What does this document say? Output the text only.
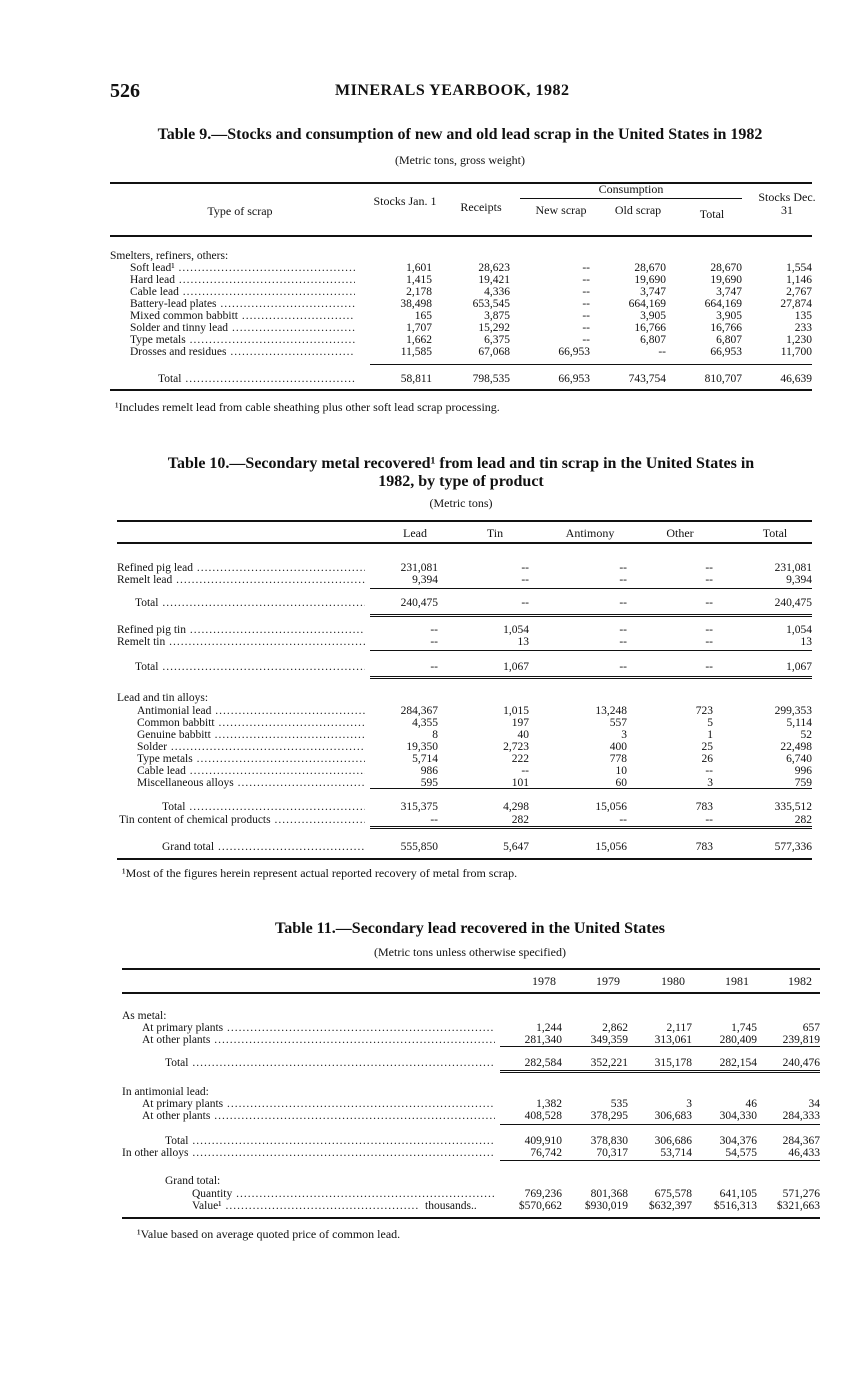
526	MINERALS YEARBOOK, 1982
Table 9.—Stocks and consumption of new and old lead scrap in the United States in 1982
(Metric tons, gross weight)
Type of scrap
Stocks Jan. 1	Receipts
Consumption
New scrap	Old scrap	Total
Stocks Dec. 31
Smelters, refiners, others:
Soft lead¹ .....	1,601	28,623	--	28,670	28,670	1,554
Hard lead .....	1,415	19,421	--	19,690	19,690	1,146
Cable lead .....	2,178	4,336	--	3,747	3,747	2,767
Battery-lead plates .....	38,498	653,545	--	664,169	664,169	27,874
Mixed common babbitt .....	165	3,875	--	3,905	3,905	135
Solder and tinny lead .....	1,707	15,292	--	16,766	16,766	233
Type metals .....	1,662	6,375	--	6,807	6,807	1,230
Drosses and residues .....	11,585	67,068	66,953	--	66,953	11,700
Total .....	58,811	798,535	66,953	743,754	810,707	46,639
¹Includes remelt lead from cable sheathing plus other soft lead scrap processing.
Table 10.—Secondary metal recovered¹ from lead and tin scrap in the United States in
1982, by type of product
(Metric tons)
Lead	Tin	Antimony	Other	Total
Refined pig lead .....	231,081	--	--	--	231,081
Remelt lead .....	9,394	--	--	--	9,394
Total .....	240,475	--	--	--	240,475
Refined pig tin .....	--	1,054	--	--	1,054
Remelt tin .....	--	13	--	--	13
Total .....	--	1,067	--	--	1,067
Lead and tin alloys:
Antimonial lead .....	284,367	1,015	13,248	723	299,353
Common babbitt .....	4,355	197	557	5	5,114
Genuine babbitt .....	8	40	3	1	52
Solder .....	19,350	2,723	400	25	22,498
Type metals .....	5,714	222	778	26	6,740
Cable lead .....	986	--	10	--	996
Miscellaneous alloys .....	595	101	60	3	759
Total .....	315,375	4,298	15,056	783	335,512
Tin content of chemical products .....	--	282	--	--	282
Grand total .....	555,850	5,647	15,056	783	577,336
¹Most of the figures herein represent actual reported recovery of metal from scrap.
Table 11.—Secondary lead recovered in the United States
(Metric tons unless otherwise specified)
1978	1979	1980	1981	1982
As metal:
At primary plants .....	1,244	2,862	2,117	1,745	657
At other plants .....	281,340	349,359	313,061	280,409	239,819
Total .....	282,584	352,221	315,178	282,154	240,476
In antimonial lead:
At primary plants .....	1,382	535	3	46	34
At other plants .....	408,528	378,295	306,683	304,330	284,333
Total .....	409,910	378,830	306,686	304,376	284,367
In other alloys .....	76,742	70,317	53,714	54,575	46,433
Grand total:
Quantity .....	769,236	801,368	675,578	641,105	571,276
Value¹ .....	$570,662	$930,019	$632,397	$516,313	$321,663
thousands..
¹Value based on average quoted price of common lead.
